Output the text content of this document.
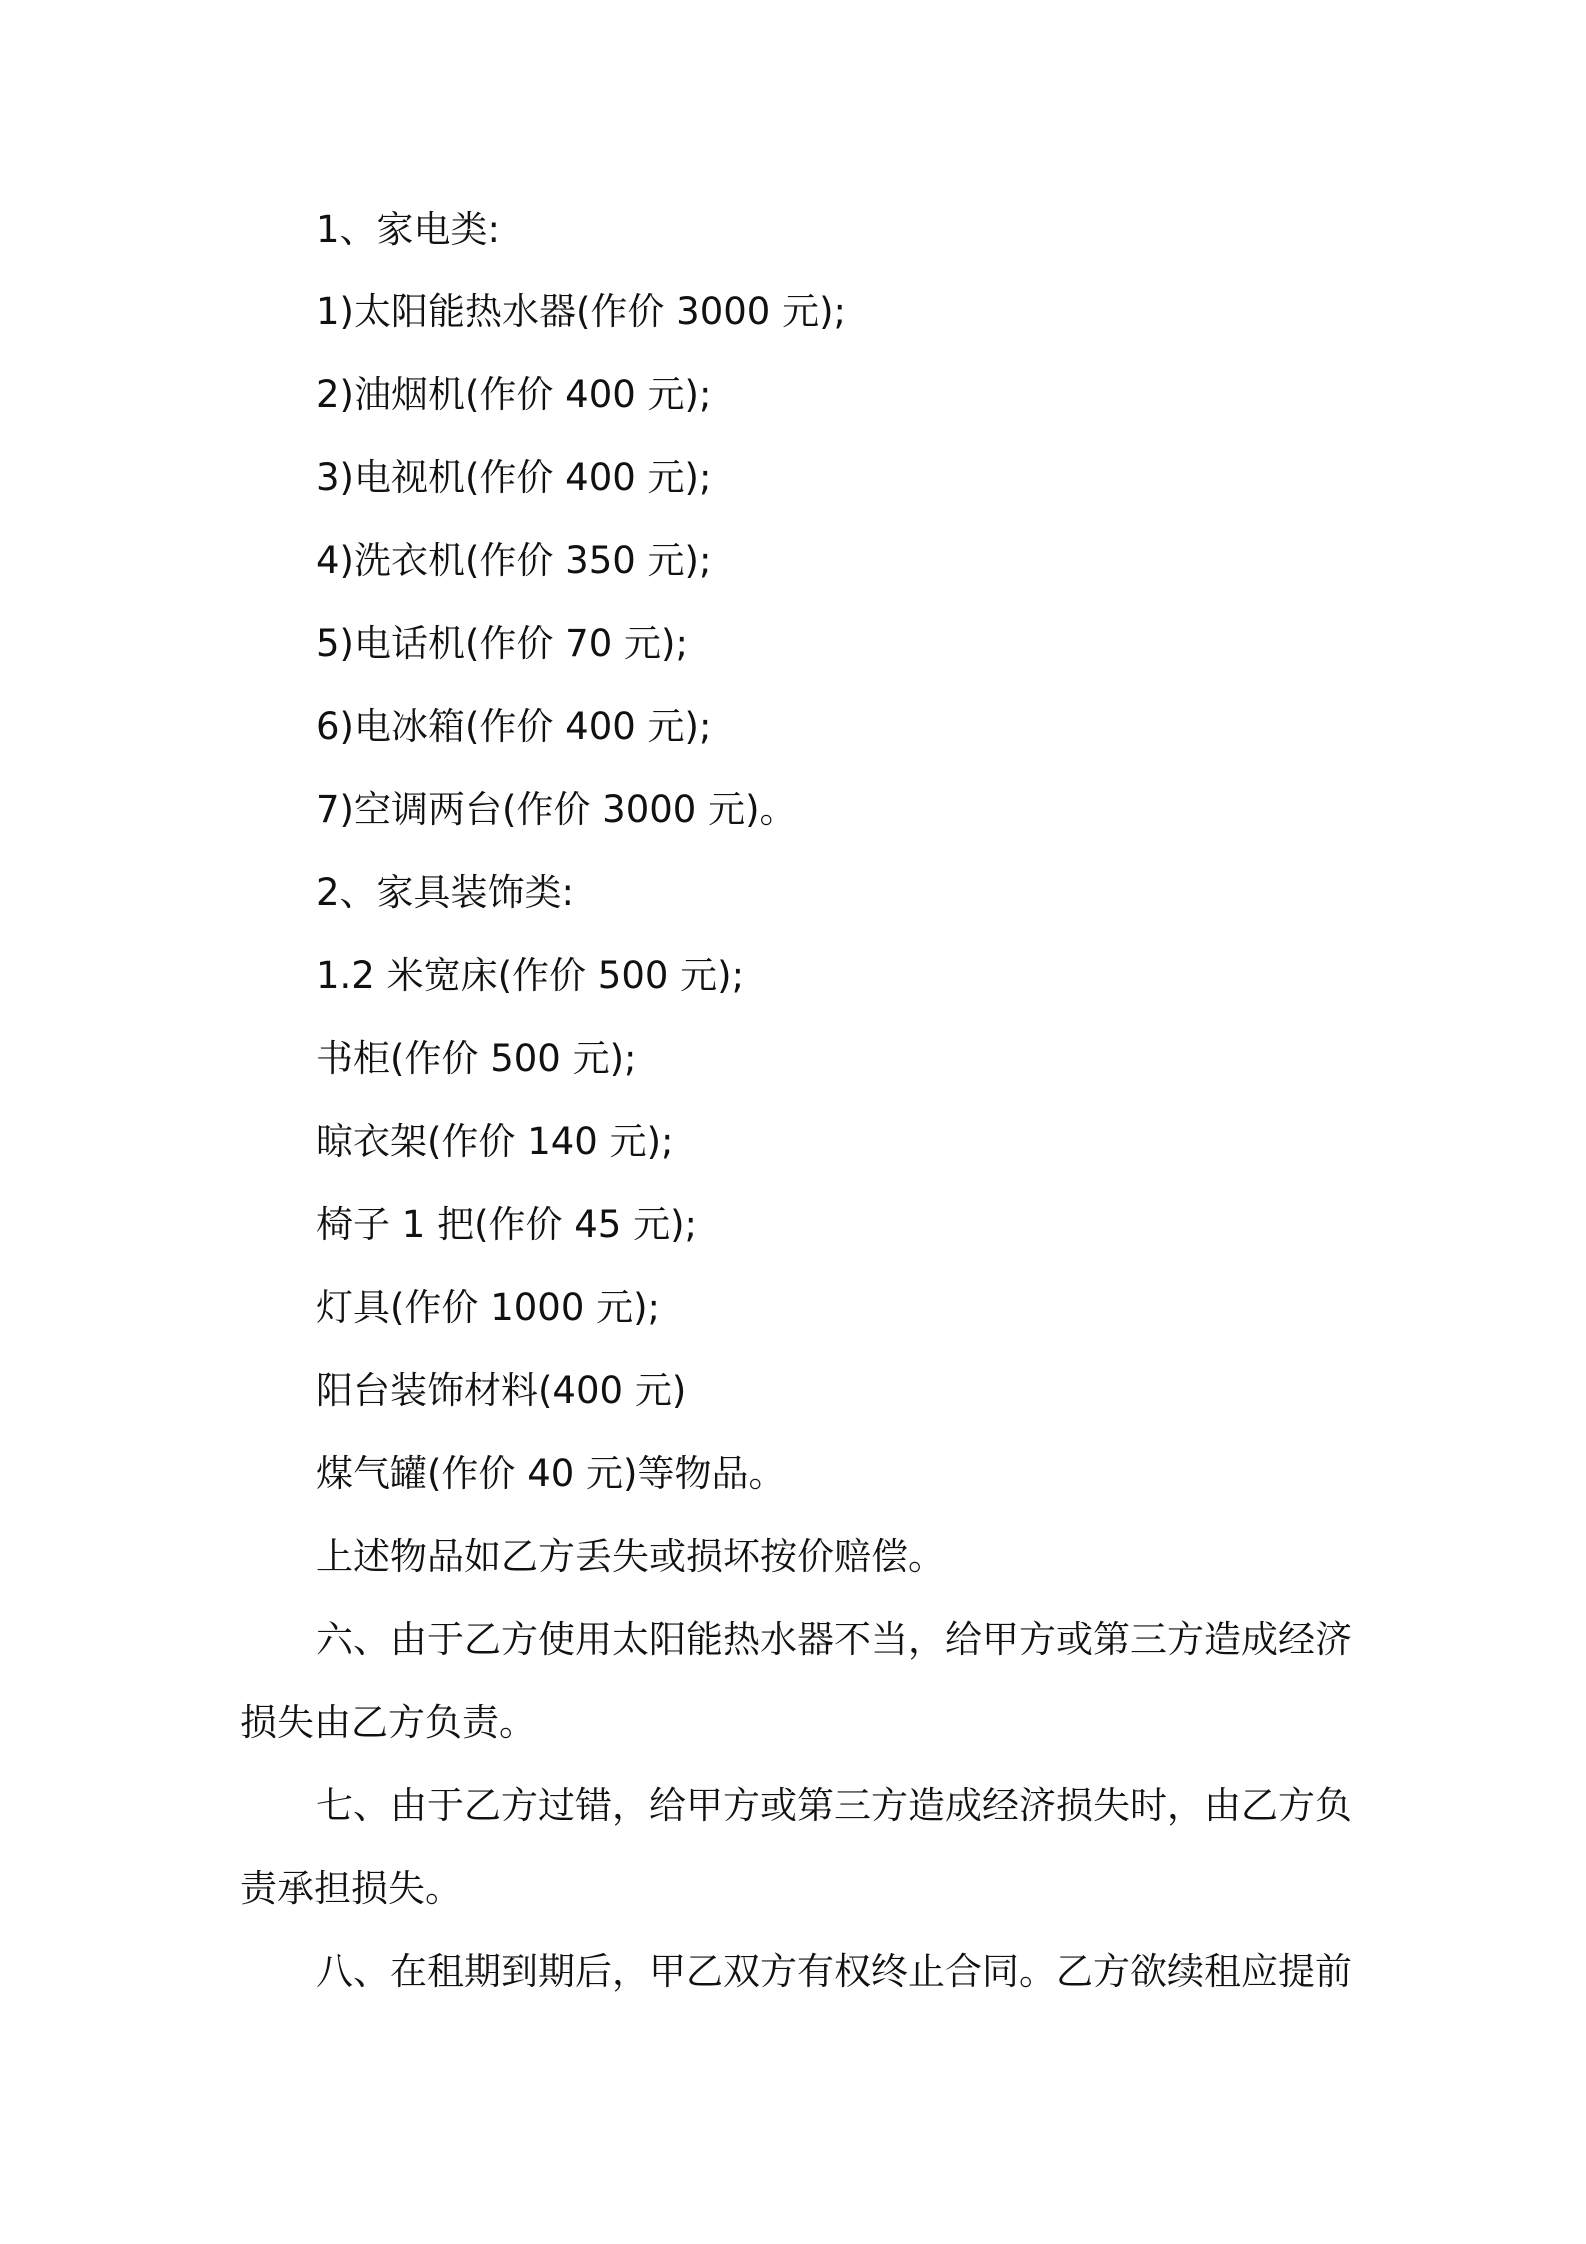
1、家电类:
1)太阳能热水器(作价 3000 元);
2)油烟机(作价 400 元);
3)电视机(作价 400 元);
4)洗衣机(作价 350 元);
5)电话机(作价 70 元);
6)电冰箱(作价 400 元);
7)空调两台(作价 3000 元)。
2、家具装饰类:
1.2 米宽床(作价 500 元);
书柜(作价 500 元);
晾衣架(作价 140 元);
椅子 1 把(作价 45 元);
灯具(作价 1000 元);
阳台装饰材料(400 元)
煤气罐(作价 40 元)等物品。
上述物品如乙方丢失或损坏按价赔偿。
六、由于乙方使用太阳能热水器不当，给甲方或第三方造成经济
损失由乙方负责。
七、由于乙方过错，给甲方或第三方造成经济损失时，由乙方负
责承担损失。
八、在租期到期后，甲乙双方有权终止合同。乙方欲续租应提前
